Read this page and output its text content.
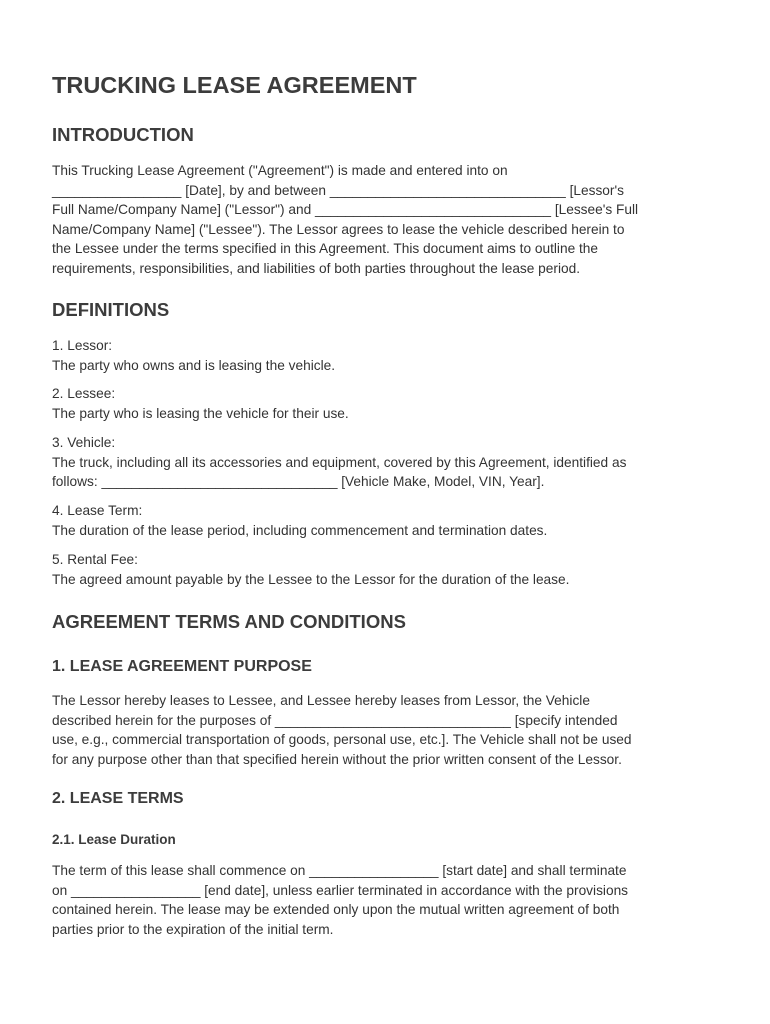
TRUCKING LEASE AGREEMENT
INTRODUCTION

This Trucking Lease Agreement ("Agreement") is made and entered into on
_________________ [Date], by and between _______________________________ [Lessor's
Full Name/Company Name] ("Lessor") and _______________________________ [Lessee's Full
Name/Company Name] ("Lessee"). The Lessor agrees to lease the vehicle described herein to
the Lessee under the terms specified in this Agreement. This document aims to outline the
requirements, responsibilities, and liabilities of both parties throughout the lease period.

DEFINITIONS

1. Lessor:
The party who owns and is leasing the vehicle.

2. Lessee:
The party who is leasing the vehicle for their use.

3. Vehicle:
The truck, including all its accessories and equipment, covered by this Agreement, identified as
follows: _______________________________ [Vehicle Make, Model, VIN, Year].

4. Lease Term:
The duration of the lease period, including commencement and termination dates.

5. Rental Fee:
The agreed amount payable by the Lessee to the Lessor for the duration of the lease.

AGREEMENT TERMS AND CONDITIONS
1. LEASE AGREEMENT PURPOSE

The Lessor hereby leases to Lessee, and Lessee hereby leases from Lessor, the Vehicle
described herein for the purposes of _______________________________ [specify intended
use, e.g., commercial transportation of goods, personal use, etc.]. The Vehicle shall not be used
for any purpose other than that specified herein without the prior written consent of the Lessor.

2. LEASE TERMS
2.1. Lease Duration

The term of this lease shall commence on _________________ [start date] and shall terminate
on _________________ [end date], unless earlier terminated in accordance with the provisions
contained herein. The lease may be extended only upon the mutual written agreement of both
parties prior to the expiration of the initial term.
